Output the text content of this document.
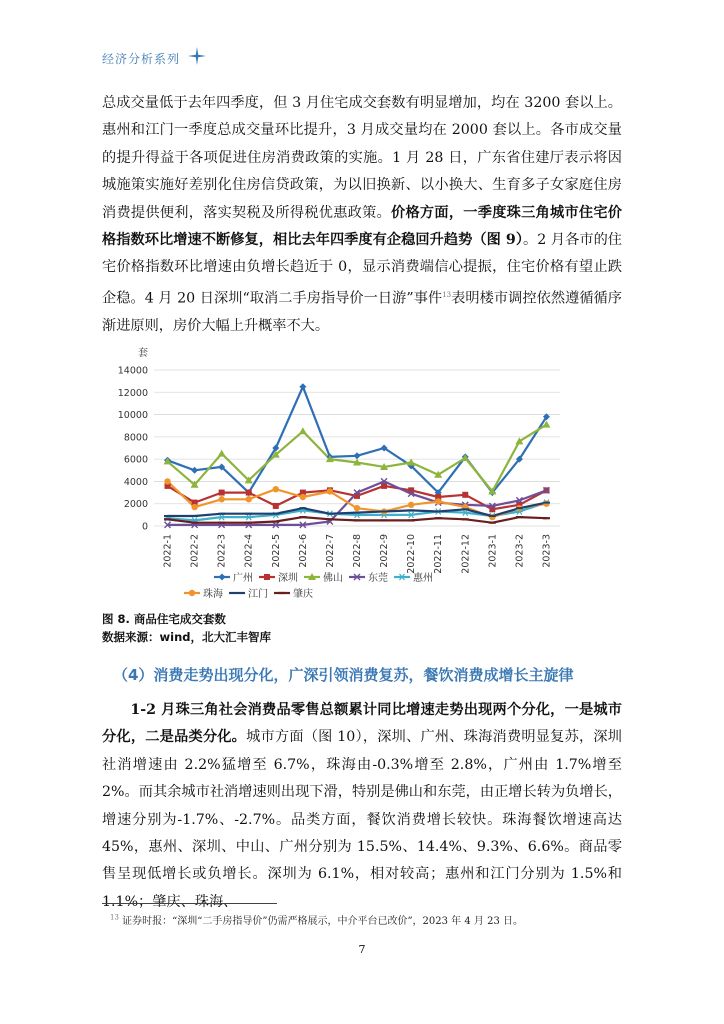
经济分析系列

总成交量低于去年四季度，但 3 月住宅成交套数有明显增加，均在 3200 套以上。惠州和江门一季度总成交量环比提升，3 月成交量均在 2000 套以上。各市成交量的提升得益于各项促进住房消费政策的实施。1 月 28 日，广东省住建厅表示将因城施策实施好差别化住房信贷政策，为以旧换新、以小换大、生育多子女家庭住房消费提供便利，落实契税及所得税优惠政策。价格方面，一季度珠三角城市住宅价格指数环比增速不断修复，相比去年四季度有企稳回升趋势（图 9）。2 月各市的住宅价格指数环比增速由负增长趋近于 0，显示消费端信心提振，住宅价格有望止跌企稳。4 月 20 日深圳“取消二手房指导价一日游”事件$^{13}$表明楼市调控依然遵循循序渐进原则，房价大幅上升概率不大。

套
0
2000
4000
6000
8000
10000
12000
14000
2022-1 2022-2 2022-3 2022-4 2022-5 2022-6 2022-7 2022-8 2022-9 2022-10 2022-11 2022-12 2023-1 2023-2 2023-3
广州	深圳	佛山	东莞	惠州
珠海	江门	肇庆
图 8. 商品住宅成交套数
数据来源：wind，北大汇丰智库
（4）消费走势出现分化，广深引领消费复苏，餐饮消费成增长主旋律

1-2 月珠三角社会消费品零售总额累计同比增速走势出现两个分化，一是城市分化，二是品类分化。城市方面（图 10），深圳、广州、珠海消费明显复苏，深圳社消增速由 2.2%猛增至 6.7%，珠海由-0.3%增至 2.8%，广州由 1.7%增至 2%。而其余城市社消增速则出现下滑，特别是佛山和东莞，由正增长转为负增长，增速分别为-1.7%、-2.7%。品类方面，餐饮消费增长较快。珠海餐饮增速高达 45%，惠州、深圳、中山、广州分别为 15.5%、14.4%、9.3%、6.6%。商品零售呈现低增长或负增长。深圳为 6.1%，相对较高；惠州和江门分别为 1.5%和 1.1%；肇庆、珠海、

$^{13}$ 证券时报：“深圳“二手房指导价”仍需严格展示，中介平台已改价”，2023 年 4 月 23 日。
7
